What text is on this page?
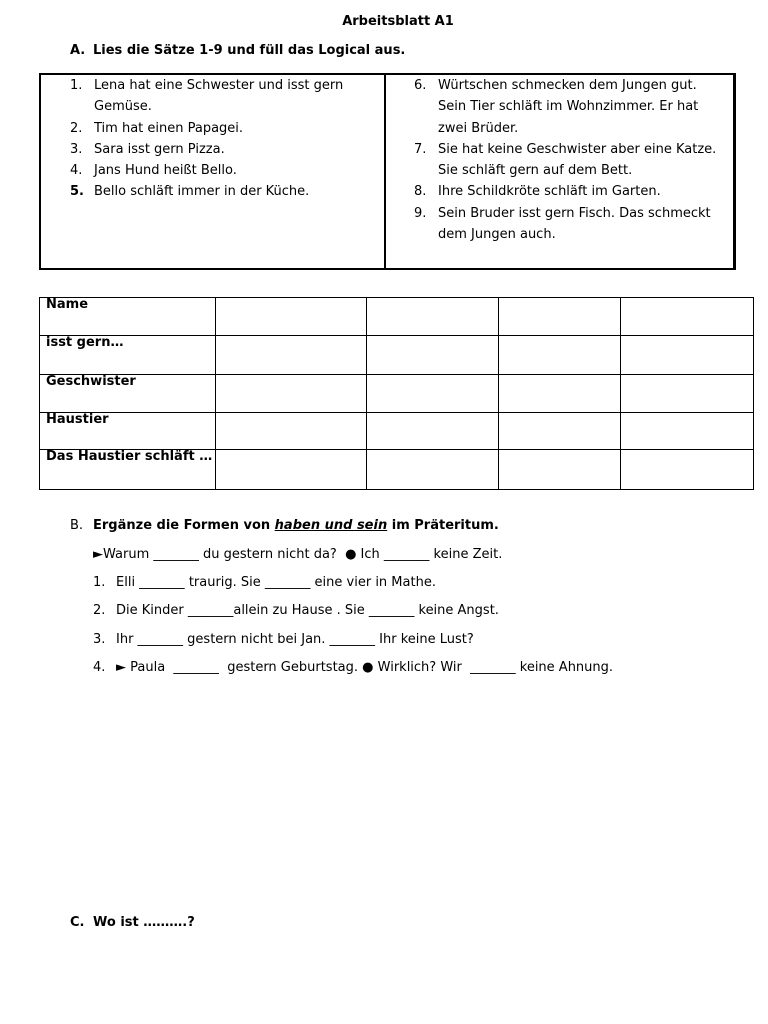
Arbeitsblatt A1
A. Lies die Sätze 1-9 und füll das Logical aus.
1. Lena hat eine Schwester und isst gern Gemüse.
2. Tim hat einen Papagei.
3. Sara isst gern Pizza.
4. Jans Hund heißt Bello.
5. Bello schläft immer in der Küche.
6. Würtschen schmecken dem Jungen gut. Sein Tier schläft im Wohnzimmer. Er hat zwei Brüder.
7. Sie hat keine Geschwister aber eine Katze. Sie schläft gern auf dem Bett.
8. Ihre Schildkröte schläft im Garten.
9. Sein Bruder isst gern Fisch. Das schmeckt dem Jungen auch.
Name				
isst gern…				
Geschwister				
Haustier				
Das Haustier schläft …				
B. Ergänze die Formen von haben und sein im Präteritum.
►Warum _______ du gestern nicht da?  ● Ich _______ keine Zeit.
1. Elli _______ traurig. Sie _______ eine vier in Mathe.
2. Die Kinder _______allein zu Hause . Sie _______ keine Angst.
3. Ihr _______ gestern nicht bei Jan. _______ Ihr keine Lust?
4. ► Paula  _______  gestern Geburtstag. ● Wirklich? Wir  _______ keine Ahnung.
C. Wo ist ……….?
